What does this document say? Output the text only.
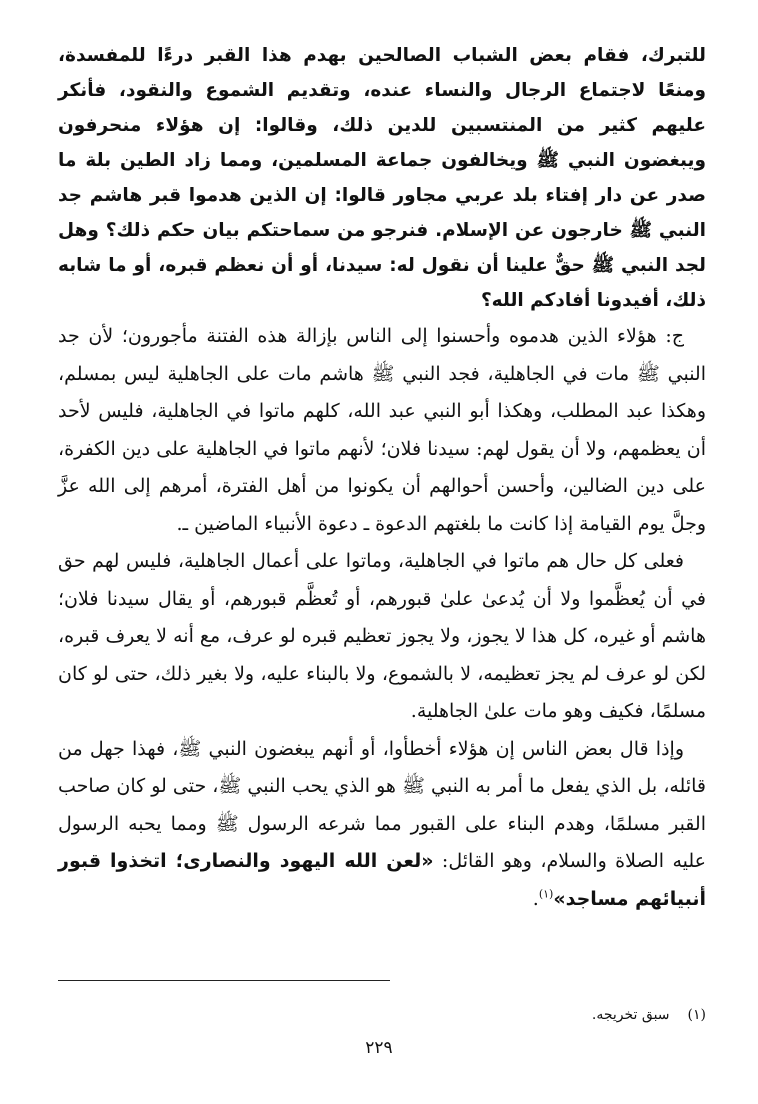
للتبرك، فقام بعض الشباب الصالحين بهدم هذا القبر درءًا للمفسدة، ومنعًا لاجتماع الرجال والنساء عنده، وتقديم الشموع والنقود، فأنكر عليهم كثير من المنتسبين للدين ذلك، وقالوا: إن هؤلاء منحرفون ويبغضون النبي ﷺ ويخالفون جماعة المسلمين، ومما زاد الطين بلة ما صدر عن دار إفتاء بلد عربي مجاور قالوا: إن الذين هدموا قبر هاشم جد النبي ﷺ خارجون عن الإسلام. فنرجو من سماحتكم بيان حكم ذلك؟ وهل لجد النبي ﷺ حقٌّ علينا أن نقول له: سيدنا، أو أن نعظم قبره، أو ما شابه ذلك، أفيدونا أفادكم الله؟

ج: هؤلاء الذين هدموه وأحسنوا إلى الناس بإزالة هذه الفتنة مأجورون؛ لأن جد النبي ﷺ مات في الجاهلية، فجد النبي ﷺ هاشم مات على الجاهلية ليس بمسلم، وهكذا عبد المطلب، وهكذا أبو النبي عبد الله، كلهم ماتوا في الجاهلية، فليس لأحد أن يعظمهم، ولا أن يقول لهم: سيدنا فلان؛ لأنهم ماتوا في الجاهلية على دين الكفرة، على دين الضالين، وأحسن أحوالهم أن يكونوا من أهل الفترة، أمرهم إلى الله عزَّ وجلَّ يوم القيامة إذا كانت ما بلغتهم الدعوة ـ دعوة الأنبياء الماضين ـ.

فعلى كل حال هم ماتوا في الجاهلية، وماتوا على أعمال الجاهلية، فليس لهم حق في أن يُعظَّموا ولا أن يُدعىٰ علىٰ قبورهم، أو تُعظَّم قبورهم، أو يقال سيدنا فلان؛ هاشم أو غيره، كل هذا لا يجوز، ولا يجوز تعظيم قبره لو عرف، مع أنه لا يعرف قبره، لكن لو عرف لم يجز تعظيمه، لا بالشموع، ولا بالبناء عليه، ولا بغير ذلك، حتى لو كان مسلمًا، فكيف وهو مات علىٰ الجاهلية.

وإذا قال بعض الناس إن هؤلاء أخطأوا، أو أنهم يبغضون النبي ﷺ، فهذا جهل من قائله، بل الذي يفعل ما أمر به النبي ﷺ هو الذي يحب النبي ﷺ، حتى لو كان صاحب القبر مسلمًا، وهدم البناء على القبور مما شرعه الرسول ﷺ ومما يحبه الرسول عليه الصلاة والسلام، وهو القائل: «لعن الله اليهود والنصارى؛ اتخذوا قبور أنبيائهم مساجد»$^{(١)}$.

(١)سبق تخريجه.

٢٢٩
